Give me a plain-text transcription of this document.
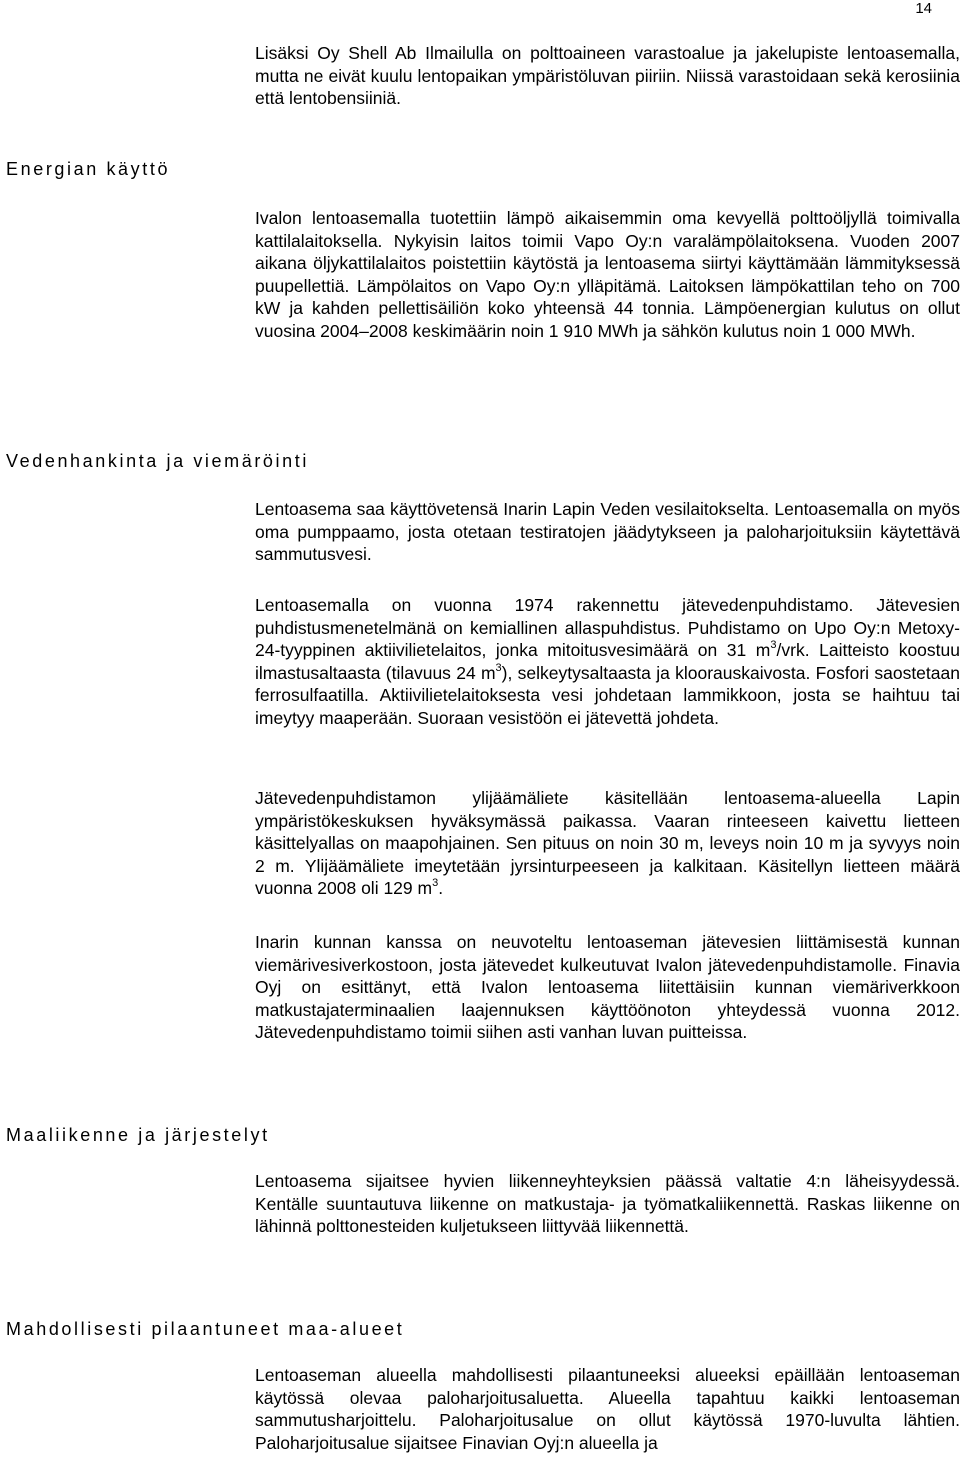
14

Lisäksi Oy Shell Ab Ilmailulla on polttoaineen varastoalue ja jakelupiste lentoasemalla, mutta ne eivät kuulu lentopaikan ympäristöluvan piiriin. Niissä varastoidaan sekä kerosiinia että lentobensiiniä.

Energian käyttö

Ivalon lentoasemalla tuotettiin lämpö aikaisemmin oma kevyellä polttoöljyllä toimivalla kattilalaitoksella. Nykyisin laitos toimii Vapo Oy:n varalämpölaitoksena. Vuoden 2007 aikana öljykattilalaitos poistettiin käytöstä ja lentoasema siirtyi käyttämään lämmityksessä puupellettiä. Lämpölaitos on Vapo Oy:n ylläpitämä. Laitoksen lämpökattilan teho on 700 kW ja kahden pellettisäiliön koko yhteensä 44 tonnia. Lämpöenergian kulutus on ollut vuosina 2004–2008 keskimäärin noin 1 910 MWh ja sähkön kulutus noin 1 000 MWh.

Vedenhankinta ja viemäröinti

Lentoasema saa käyttövetensä Inarin Lapin Veden vesilaitokselta. Lentoasemalla on myös oma pumppaamo, josta otetaan testiratojen jäädytykseen ja paloharjoituksiin käytettävä sammutusvesi.

Lentoasemalla on vuonna 1974 rakennettu jätevedenpuhdistamo. Jätevesien puhdistusmenetelmänä on kemiallinen allaspuhdistus. Puhdistamo on Upo Oy:n Metoxy-24-tyyppinen aktiivilietelaitos, jonka mitoitusvesimäärä on 31 $m^3$/vrk. Laitteisto koostuu ilmastusaltaasta (tilavuus 24 $m^3$), selkeytysaltaasta ja kloorauskaivosta. Fosfori saostetaan ferrosulfaatilla. Aktiivilietelaitoksesta vesi johdetaan lammikkoon, josta se haihtuu tai imeytyy maaperään. Suoraan vesistöön ei jätevettä johdeta.

Jätevedenpuhdistamon ylijäämäliete käsitellään lentoasema-alueella Lapin ympäristökeskuksen hyväksymässä paikassa. Vaaran rinteeseen kaivettu lietteen käsittelyallas on maapohjainen. Sen pituus on noin 30 m, leveys noin 10 m ja syvyys noin 2 m. Ylijäämäliete imeytetään jyrsinturpeeseen ja kalkitaan. Käsitellyn lietteen määrä vuonna 2008 oli 129 $m^3$.

Inarin kunnan kanssa on neuvoteltu lentoaseman jätevesien liittämisestä kunnan viemärivesiverkostoon, josta jätevedet kulkeutuvat Ivalon jätevedenpuhdistamolle. Finavia Oyj on esittänyt, että Ivalon lentoasema liitettäisiin kunnan viemäriverkkoon matkustajaterminaalien laajennuksen käyttöönoton yhteydessä vuonna 2012. Jätevedenpuhdistamo toimii siihen asti vanhan luvan puitteissa.

Maaliikenne ja järjestelyt

Lentoasema sijaitsee hyvien liikenneyhteyksien päässä valtatie 4:n läheisyydessä. Kentälle suuntautuva liikenne on matkustaja- ja työmatkaliikennettä. Raskas liikenne on lähinnä polttonesteiden kuljetukseen liittyvää liikennettä.

Mahdollisesti pilaantuneet maa-alueet

Lentoaseman alueella mahdollisesti pilaantuneeksi alueeksi epäillään lentoaseman käytössä olevaa paloharjoitusaluetta. Alueella tapahtuu kaikki lentoaseman sammutusharjoittelu. Paloharjoitusalue on ollut käytössä 1970-luvulta lähtien. Paloharjoitusalue sijaitsee Finavian Oyj:n alueella ja
